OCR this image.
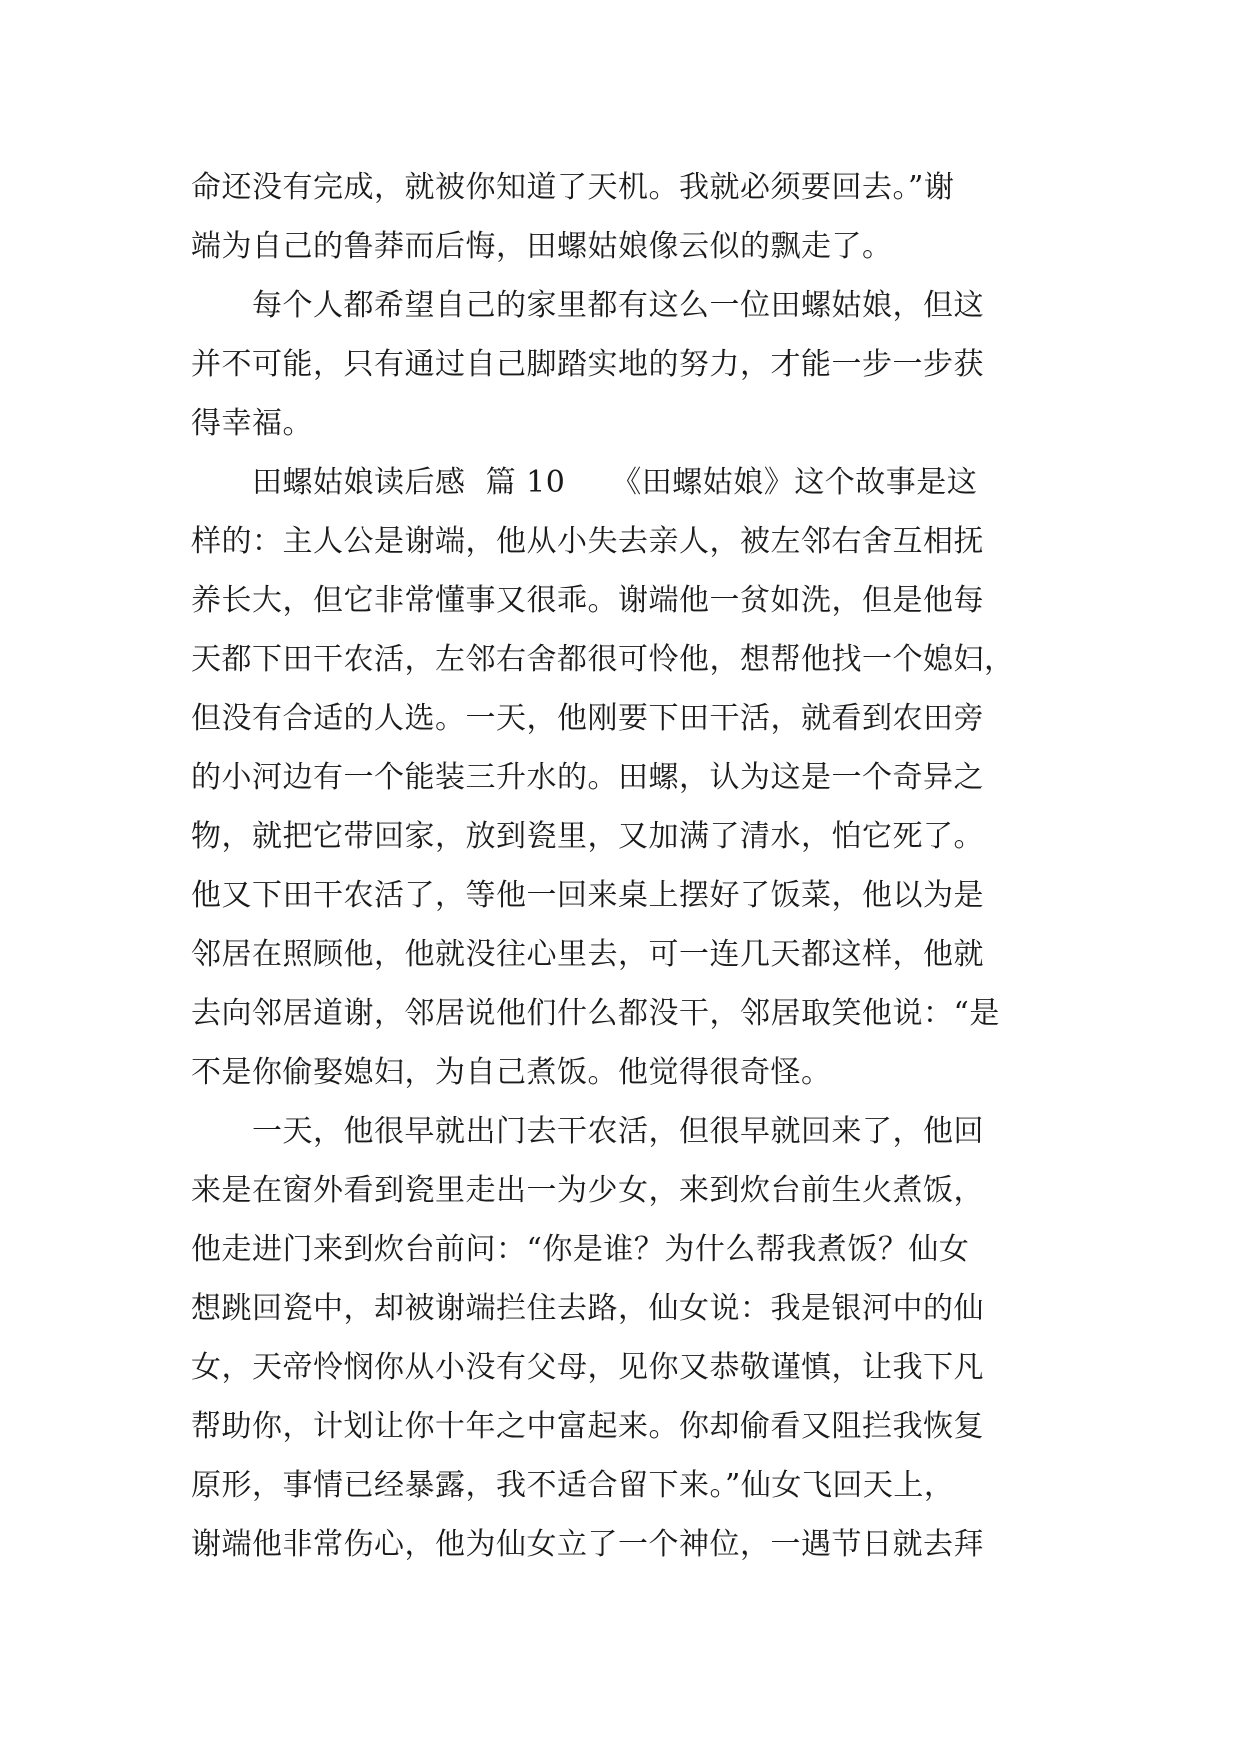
命还没有完成，就被你知道了天机。我就必须要回去。”谢
端为自己的鲁莽而后悔，田螺姑娘像云似的飘走了。
　　每个人都希望自己的家里都有这么一位田螺姑娘，但这
并不可能，只有通过自己脚踏实地的努力，才能一步一步获
得幸福。
　　田螺姑娘读后感  篇 10　　《田螺姑娘》这个故事是这
样的：主人公是谢端，他从小失去亲人，被左邻右舍互相抚
养长大，但它非常懂事又很乖。谢端他一贫如洗，但是他每
天都下田干农活，左邻右舍都很可怜他，想帮他找一个媳妇，
但没有合适的人选。一天，他刚要下田干活，就看到农田旁
的小河边有一个能装三升水的。田螺，认为这是一个奇异之
物，就把它带回家，放到瓷里，又加满了清水，怕它死了。
他又下田干农活了，等他一回来桌上摆好了饭菜，他以为是
邻居在照顾他，他就没往心里去，可一连几天都这样，他就
去向邻居道谢，邻居说他们什么都没干，邻居取笑他说：“是
不是你偷娶媳妇，为自己煮饭。他觉得很奇怪。
　　一天，他很早就出门去干农活，但很早就回来了，他回
来是在窗外看到瓷里走出一为少女，来到炊台前生火煮饭，
他走进门来到炊台前问：“你是谁？为什么帮我煮饭？仙女
想跳回瓷中，却被谢端拦住去路，仙女说：我是银河中的仙
女，天帝怜悯你从小没有父母，见你又恭敬谨慎，让我下凡
帮助你，计划让你十年之中富起来。你却偷看又阻拦我恢复
原形，事情已经暴露，我不适合留下来。”仙女飞回天上，
谢端他非常伤心，他为仙女立了一个神位，一遇节日就去拜
